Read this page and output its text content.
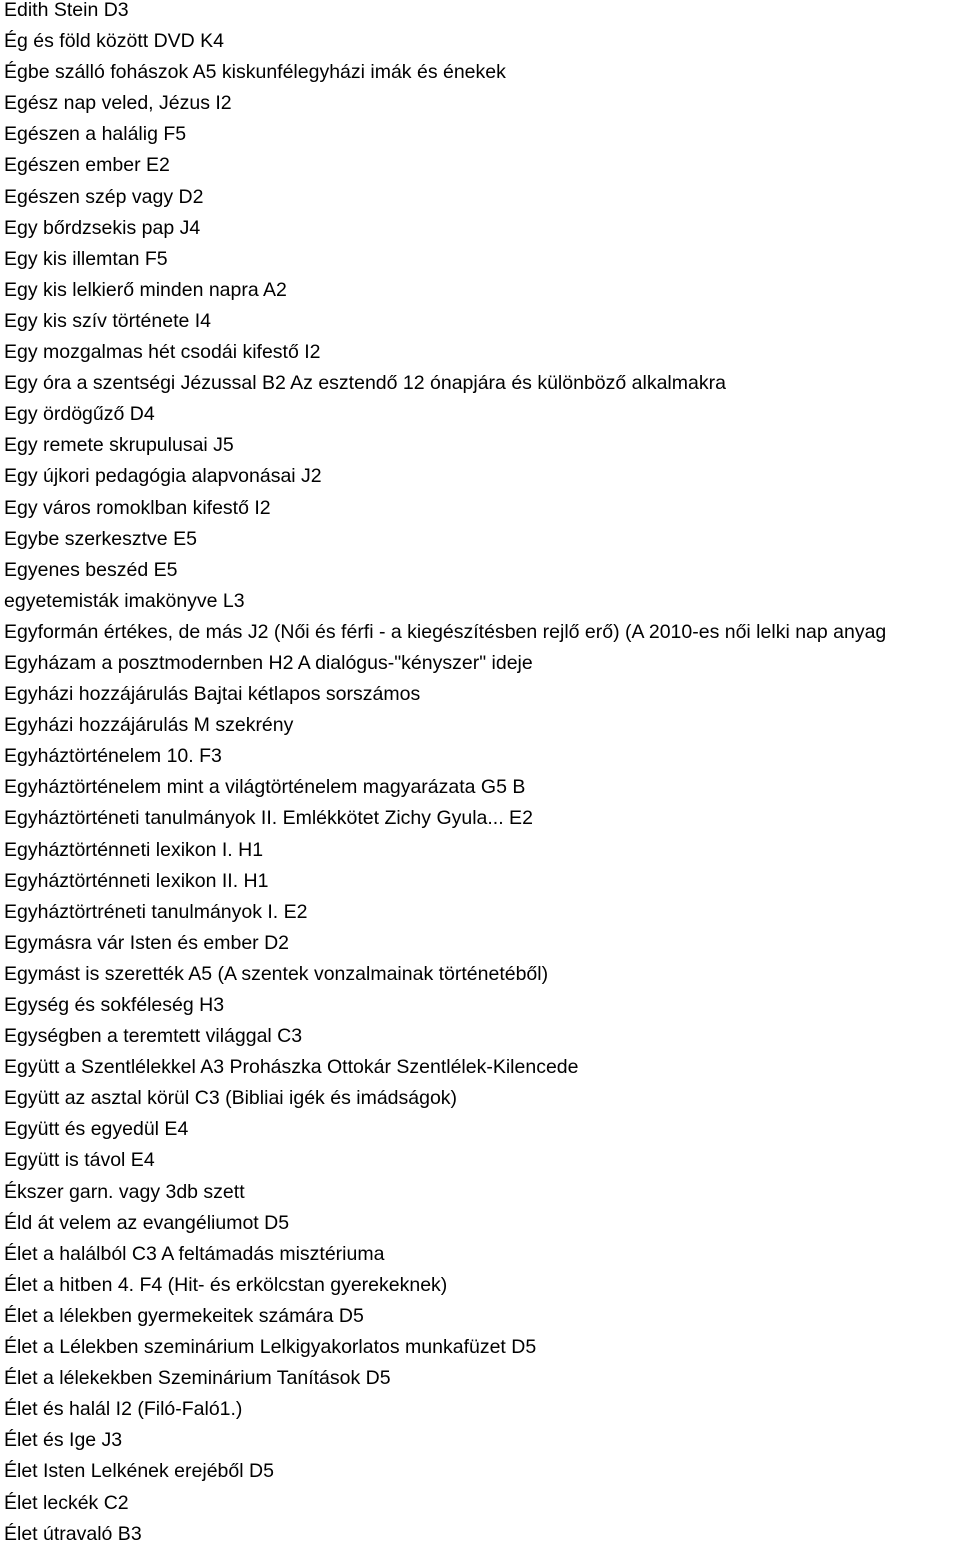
Edith Stein D3
Ég és föld között DVD K4
Égbe szálló fohászok A5 kiskunfélegyházi imák és énekek
Egész nap veled, Jézus I2
Egészen a halálig F5
Egészen ember E2
Egészen szép vagy D2
Egy bőrdzsekis pap J4
Egy kis illemtan F5
Egy kis lelkierő minden napra A2
Egy kis szív története I4
Egy mozgalmas hét csodái kifestő I2
Egy óra a szentségi Jézussal B2 Az esztendő 12 ónapjára és különböző alkalmakra
Egy ördögűző D4
Egy remete skrupulusai J5
Egy újkori pedagógia alapvonásai J2
Egy város romoklban kifestő I2
Egybe szerkesztve E5
Egyenes beszéd E5
egyetemisták imakönyve L3
Egyformán értékes, de más J2 (Női és férfi - a kiegészítésben rejlő erő) (A 2010-es női lelki nap anyag
Egyházam a posztmodernben H2 A dialógus-"kényszer" ideje
Egyházi hozzájárulás Bajtai kétlapos sorszámos
Egyházi hozzájárulás M szekrény
Egyháztörténelem 10. F3
Egyháztörténelem mint a világtörténelem magyarázata G5 B
Egyháztörténeti tanulmányok II. Emlékkötet Zichy Gyula... E2
Egyháztörténneti lexikon I. H1
Egyháztörténneti lexikon II. H1
Egyháztörtréneti tanulmányok I. E2
Egymásra vár Isten és ember D2
Egymást is szerették A5 (A szentek vonzalmainak történetéből)
Egység és sokféleség H3
Egységben a teremtett világgal C3
Együtt a Szentlélekkel A3 Prohászka Ottokár Szentlélek-Kilencede
Együtt az asztal körül C3 (Bibliai igék és imádságok)
Együtt és egyedül E4
Együtt is távol E4
Ékszer garn. vagy 3db szett
Éld át velem az evangéliumot D5
Élet a halálból C3 A feltámadás misztériuma
Élet a hitben 4. F4 (Hit- és erkölcstan gyerekeknek)
Élet a lélekben gyermekeitek számára D5
Élet a Lélekben szeminárium Lelkigyakorlatos munkafüzet D5
Élet a lélekekben Szeminárium Tanítások D5
Élet és halál I2 (Filó-Faló1.)
Élet és Ige J3
Élet Isten Lelkének erejéből D5
Élet leckék C2
Élet útravaló B3
